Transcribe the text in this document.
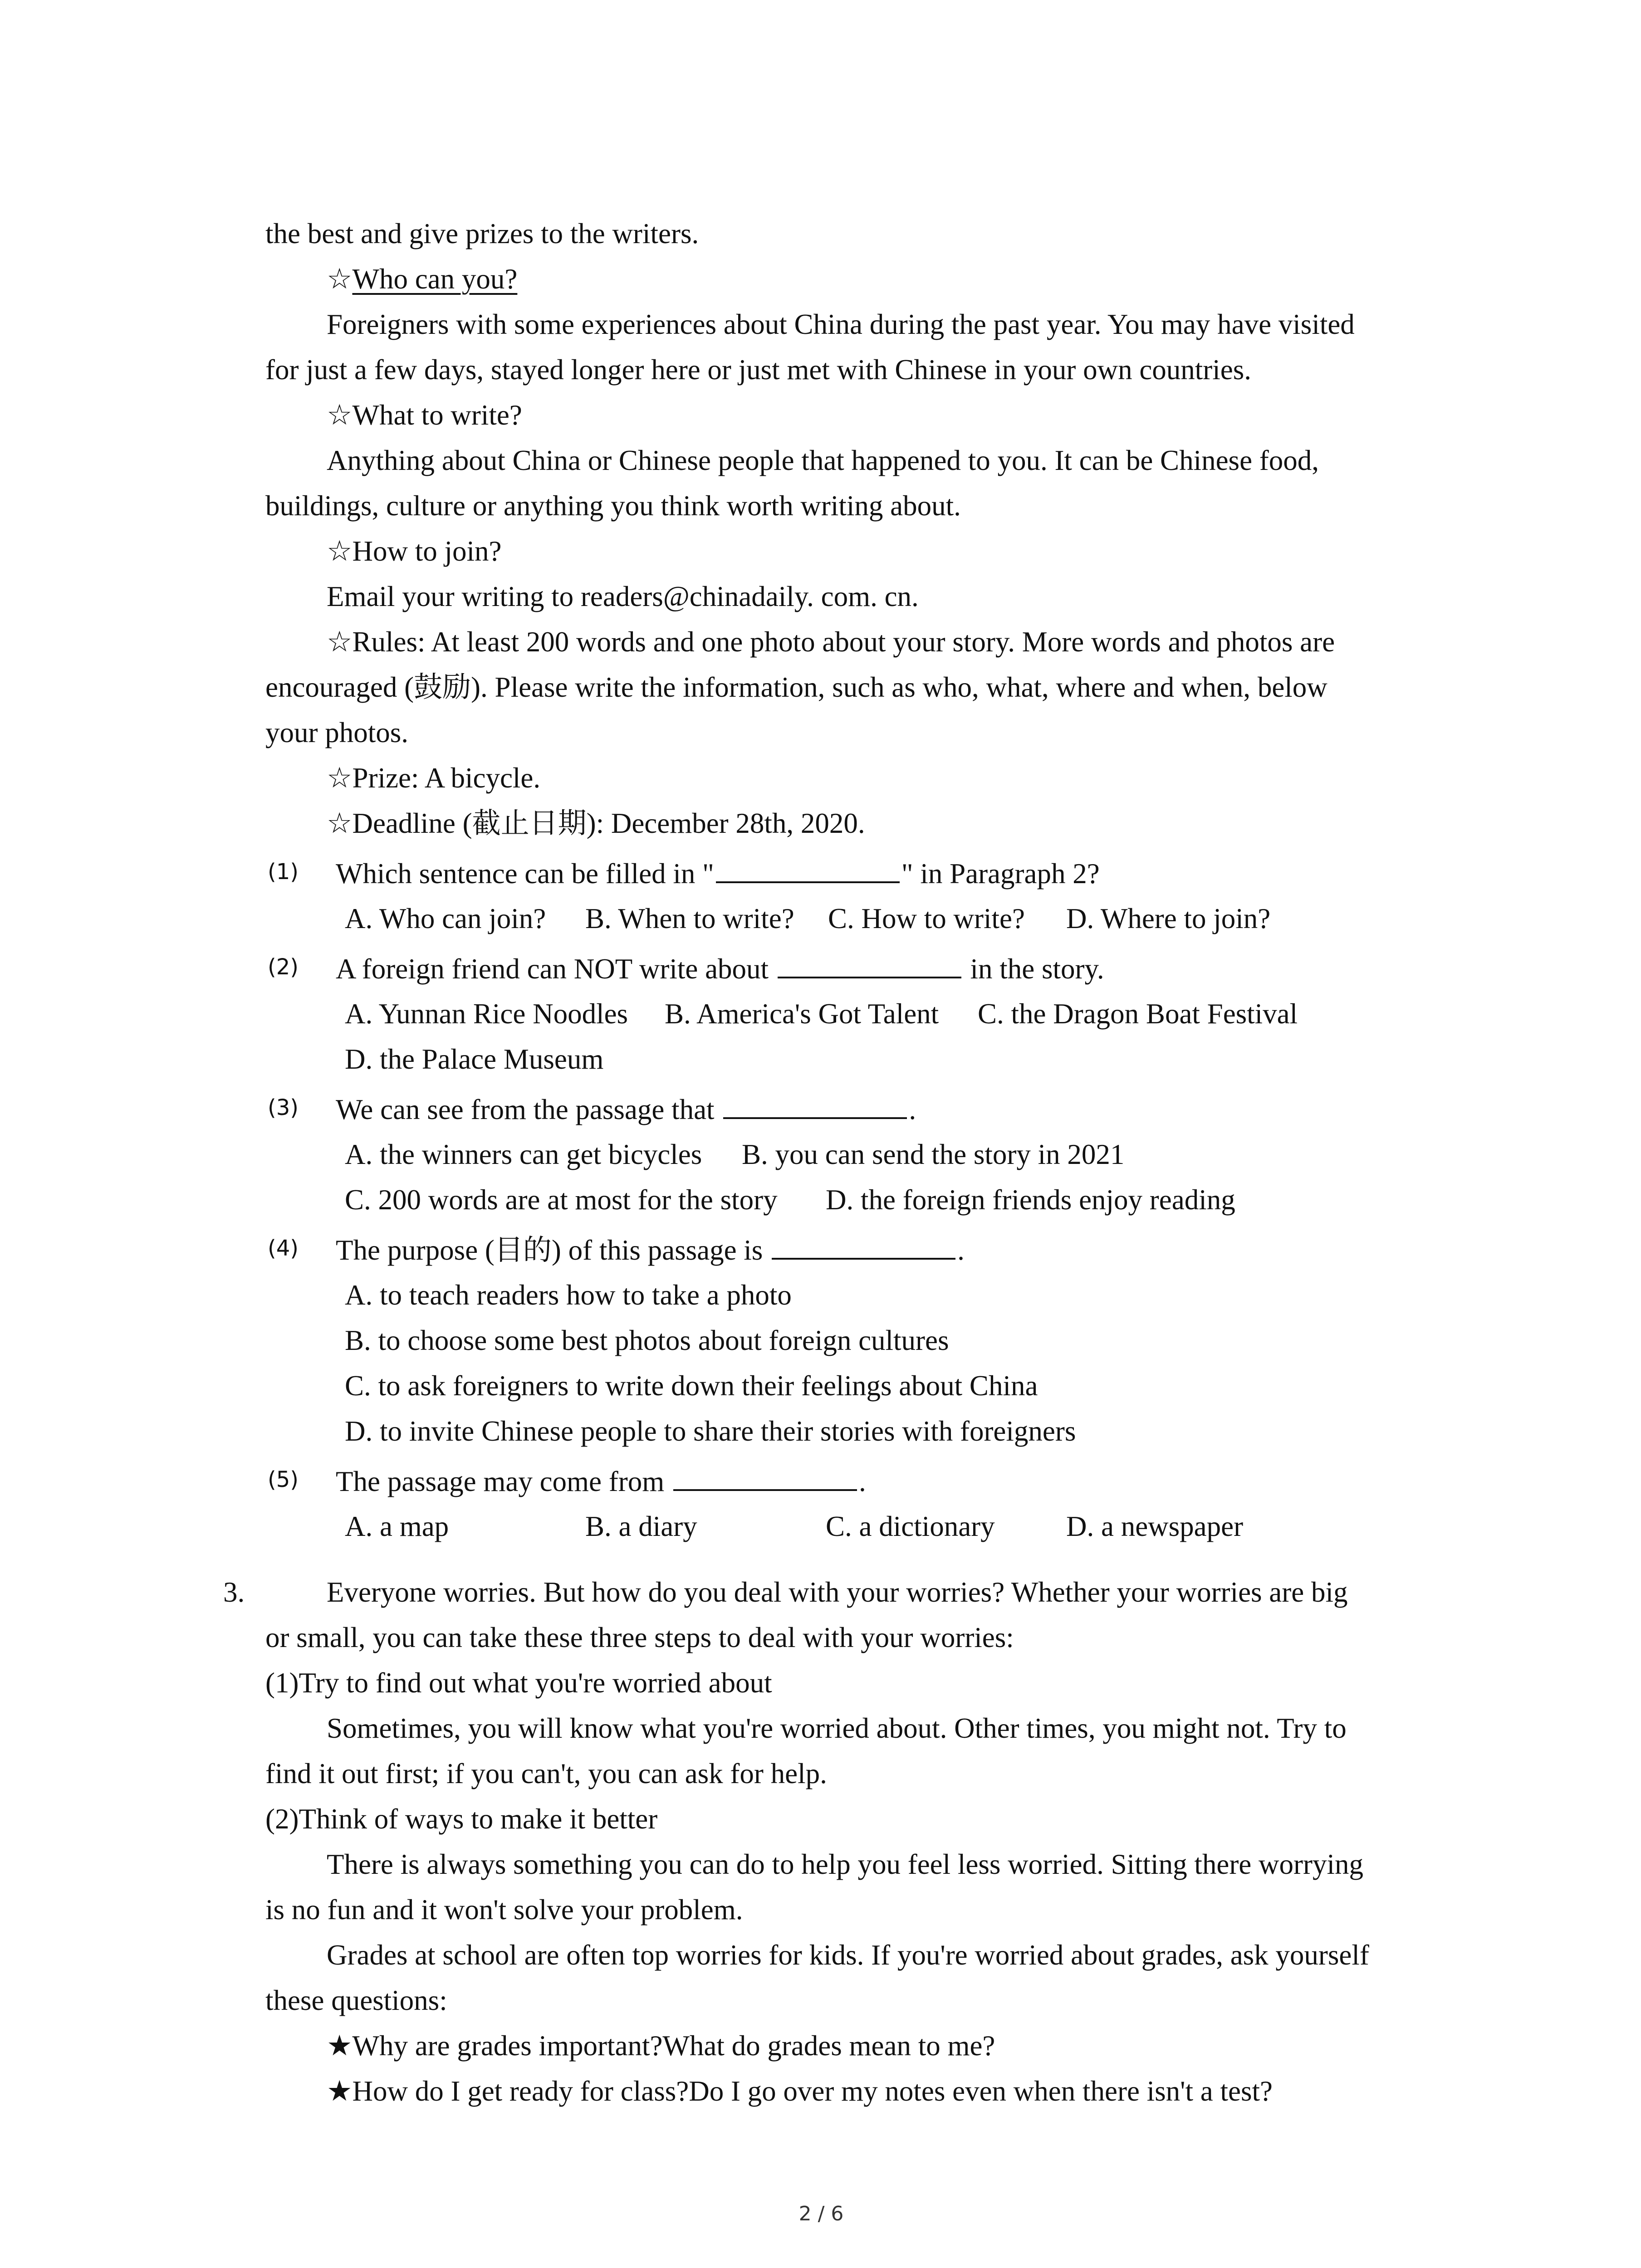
the best and give prizes to the writers.
☆Who can you?
Foreigners with some experiences about China during the past year. You may have visited
for just a few days, stayed longer here or just met with Chinese in your own countries.
☆What to write?
Anything about China or Chinese people that happened to you. It can be Chinese food,
buildings, culture or anything you think worth writing about.
☆How to join?
Email your writing to readers@chinadaily. com. cn.
☆Rules: At least 200 words and one photo about your story. More words and photos are
encouraged (鼓励). Please write the information, such as who, what, where and when, below
your photos.
☆Prize: A bicycle.
☆Deadline (截止日期): December 28th, 2020.
(1) Which sentence can be filled in "	" in Paragraph 2?
A. Who can join? B. When to write? C. How to write? D. Where to join?
(2) A foreign friend can NOT write about	in the story.
A. Yunnan Rice Noodles B. America's Got Talent C. the Dragon Boat Festival
D. the Palace Museum
(3) We can see from the passage that	.
A. the winners can get bicycles B. you can send the story in 2021
C. 200 words are at most for the story D. the foreign friends enjoy reading
(4) The purpose (目的) of this passage is	.
A. to teach readers how to take a photo
B. to choose some best photos about foreign cultures
C. to ask foreigners to write down their feelings about China
D. to invite Chinese people to share their stories with foreigners
(5) The passage may come from	.
A. a map	B. a diary	C. a dictionary D. a newspaper
3.	Everyone worries. But how do you deal with your worries? Whether your worries are big
or small, you can take these three steps to deal with your worries:
(1)Try to find out what you're worried about
Sometimes, you will know what you're worried about. Other times, you might not. Try to
find it out first; if you can't, you can ask for help.
(2)Think of ways to make it better
There is always something you can do to help you feel less worried. Sitting there worrying
is no fun and it won't solve your problem.
Grades at school are often top worries for kids. If you're worried about grades, ask yourself
these questions:
★Why are grades important?What do grades mean to me?
★How do I get ready for class?Do I go over my notes even when there isn't a test?
2 / 6
